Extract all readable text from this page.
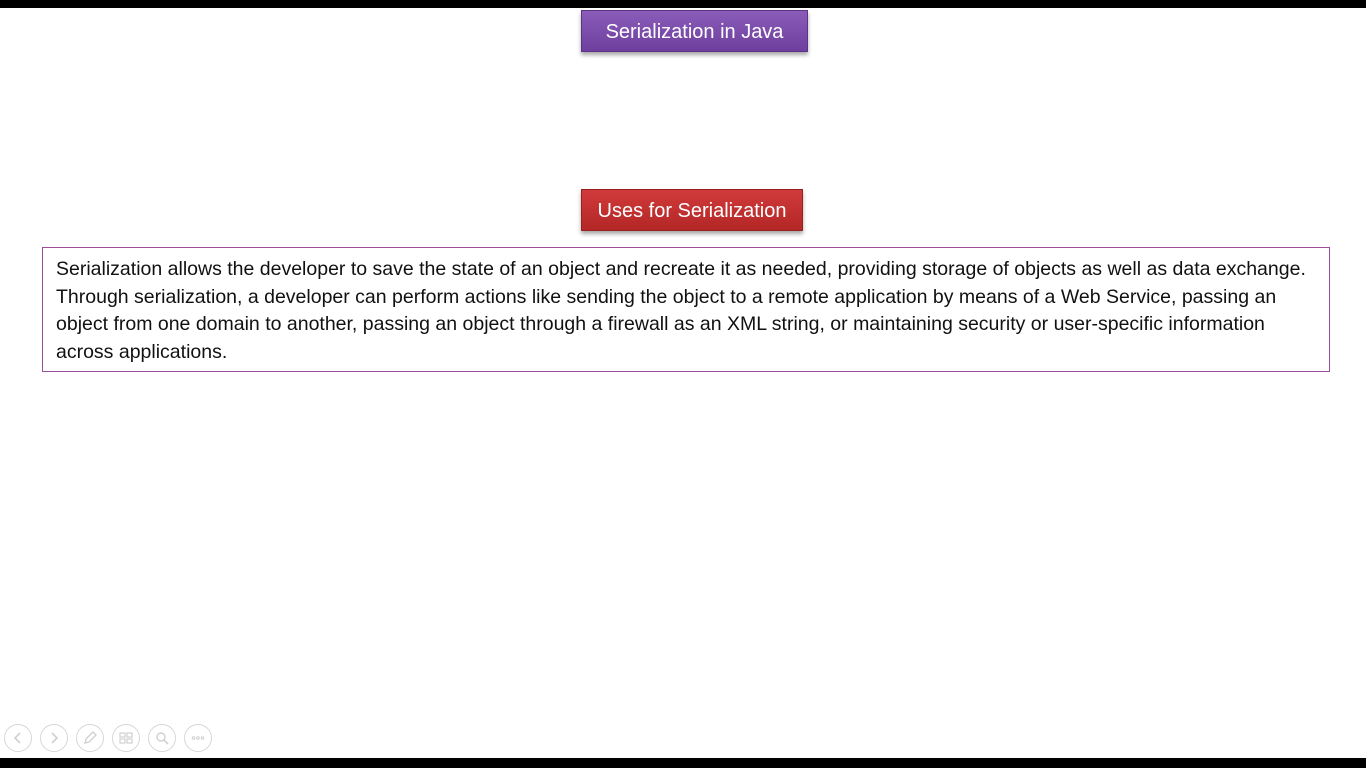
Serialization in Java
Uses for Serialization
Serialization allows the developer to save the state of an object and recreate it as needed, providing storage of objects as well as data exchange. Through serialization, a developer can perform actions like sending the object to a remote application by means of a Web Service, passing an object from one domain to another, passing an object through a firewall as an XML string, or maintaining security or user-specific information across applications.
